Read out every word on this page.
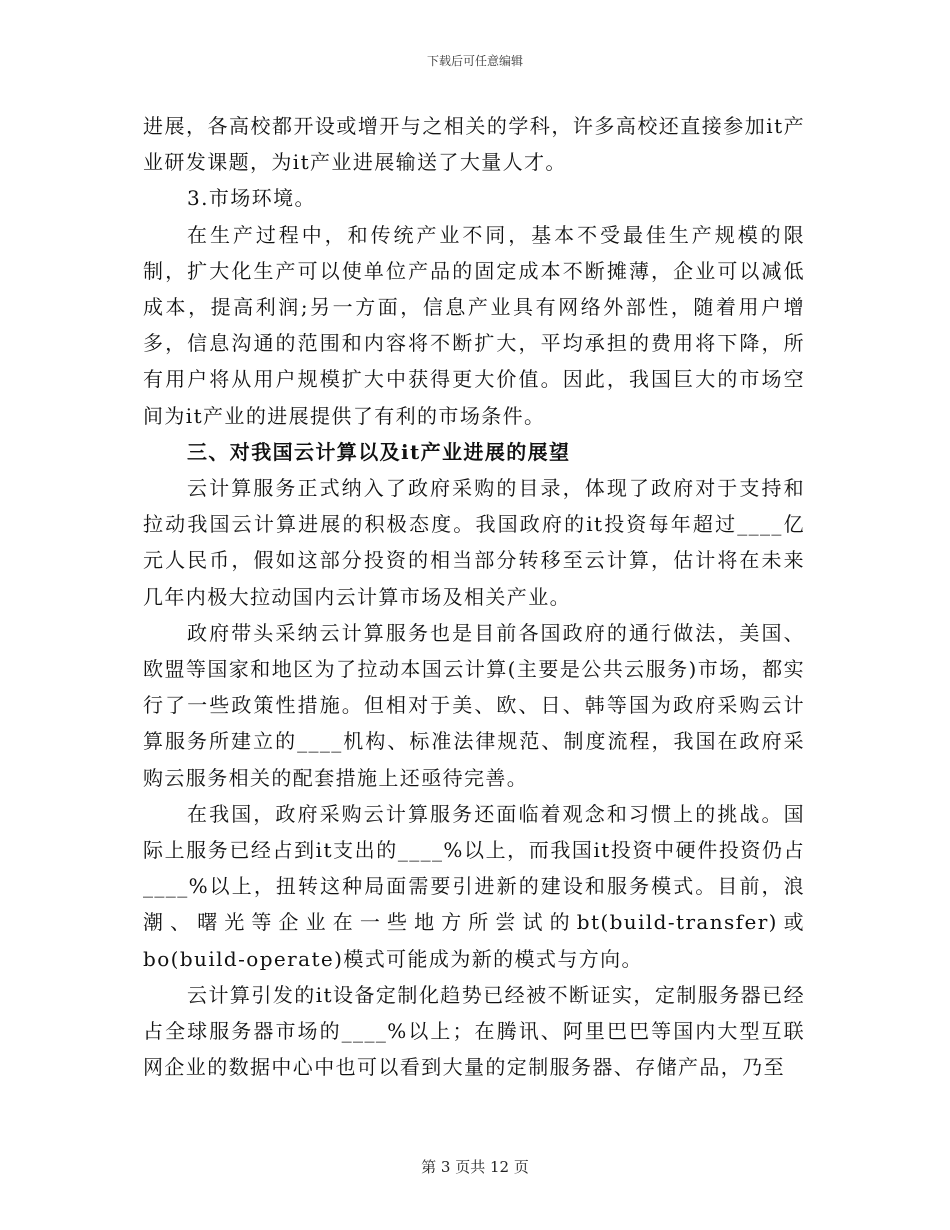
下载后可任意编辑

进展，各高校都开设或增开与之相关的学科，许多高校还直接参加it产业研发课题，为it产业进展输送了大量人才。

3.市场环境。

在生产过程中，和传统产业不同，基本不受最佳生产规模的限制，扩大化生产可以使单位产品的固定成本不断摊薄，企业可以减低成本，提高利润;另一方面，信息产业具有网络外部性，随着用户增多，信息沟通的范围和内容将不断扩大，平均承担的费用将下降，所有用户将从用户规模扩大中获得更大价值。因此，我国巨大的市场空间为it产业的进展提供了有利的市场条件。

三、对我国云计算以及it产业进展的展望

云计算服务正式纳入了政府采购的目录，体现了政府对于支持和拉动我国云计算进展的积极态度。我国政府的it投资每年超过____亿元人民币，假如这部分投资的相当部分转移至云计算，估计将在未来几年内极大拉动国内云计算市场及相关产业。

政府带头采纳云计算服务也是目前各国政府的通行做法，美国、欧盟等国家和地区为了拉动本国云计算(主要是公共云服务)市场，都实行了一些政策性措施。但相对于美、欧、日、韩等国为政府采购云计算服务所建立的____机构、标准法律规范、制度流程，我国在政府采购云服务相关的配套措施上还亟待完善。

在我国，政府采购云计算服务还面临着观念和习惯上的挑战。国际上服务已经占到it支出的____%以上，而我国it投资中硬件投资仍占____%以上，扭转这种局面需要引进新的建设和服务模式。目前，浪潮、曙光等企业在一些地方所尝试的bt(build-transfer)或bo(build-operate)模式可能成为新的模式与方向。

云计算引发的it设备定制化趋势已经被不断证实，定制服务器已经占全球服务器市场的____%以上；在腾讯、阿里巴巴等国内大型互联网企业的数据中心中也可以看到大量的定制服务器、存储产品，乃至

第 3 页共 12 页
